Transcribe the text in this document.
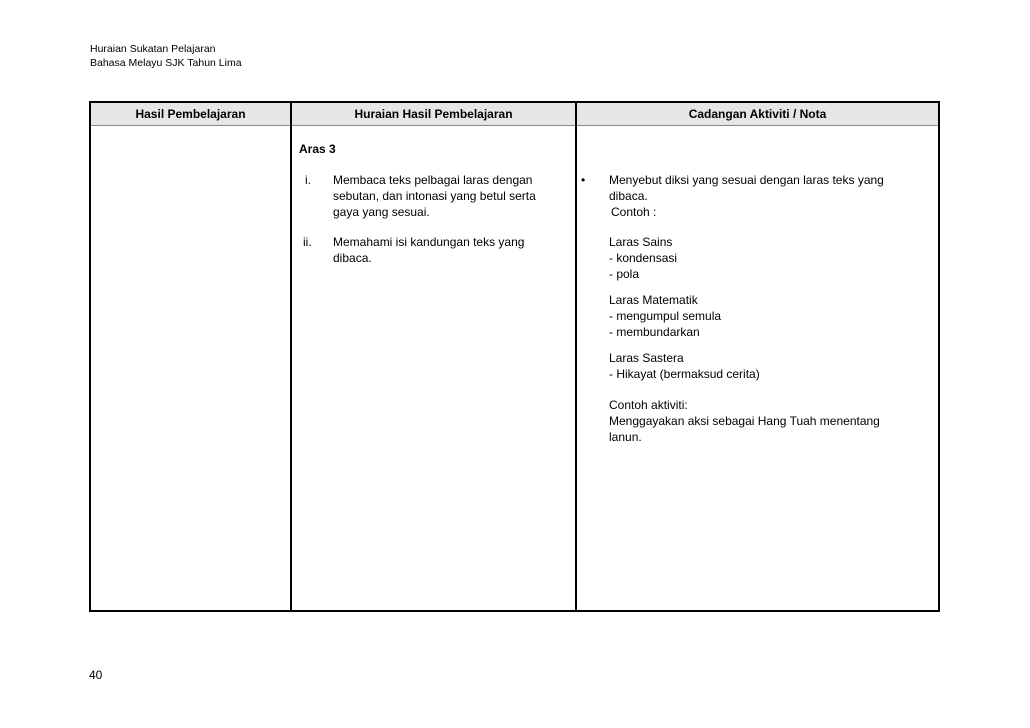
Huraian Sukatan Pelajaran
Bahasa Melayu SJK Tahun Lima
Hasil Pembelajaran	Huraian Hasil Pembelajaran	Cadangan Aktiviti / Nota
Aras 3
i. Membaca teks pelbagai laras dengan
sebutan, dan intonasi yang betul serta
gaya yang sesuai.
ii. Memahami isi kandungan teks yang
dibaca.
• Menyebut diksi yang sesuai dengan laras teks yang
dibaca.
Contoh :
Laras Sains
- kondensasi
- pola
Laras Matematik
- mengumpul semula
- membundarkan
Laras Sastera
- Hikayat (bermaksud cerita)
Contoh aktiviti:
Menggayakan aksi sebagai Hang Tuah menentang
lanun.
40
